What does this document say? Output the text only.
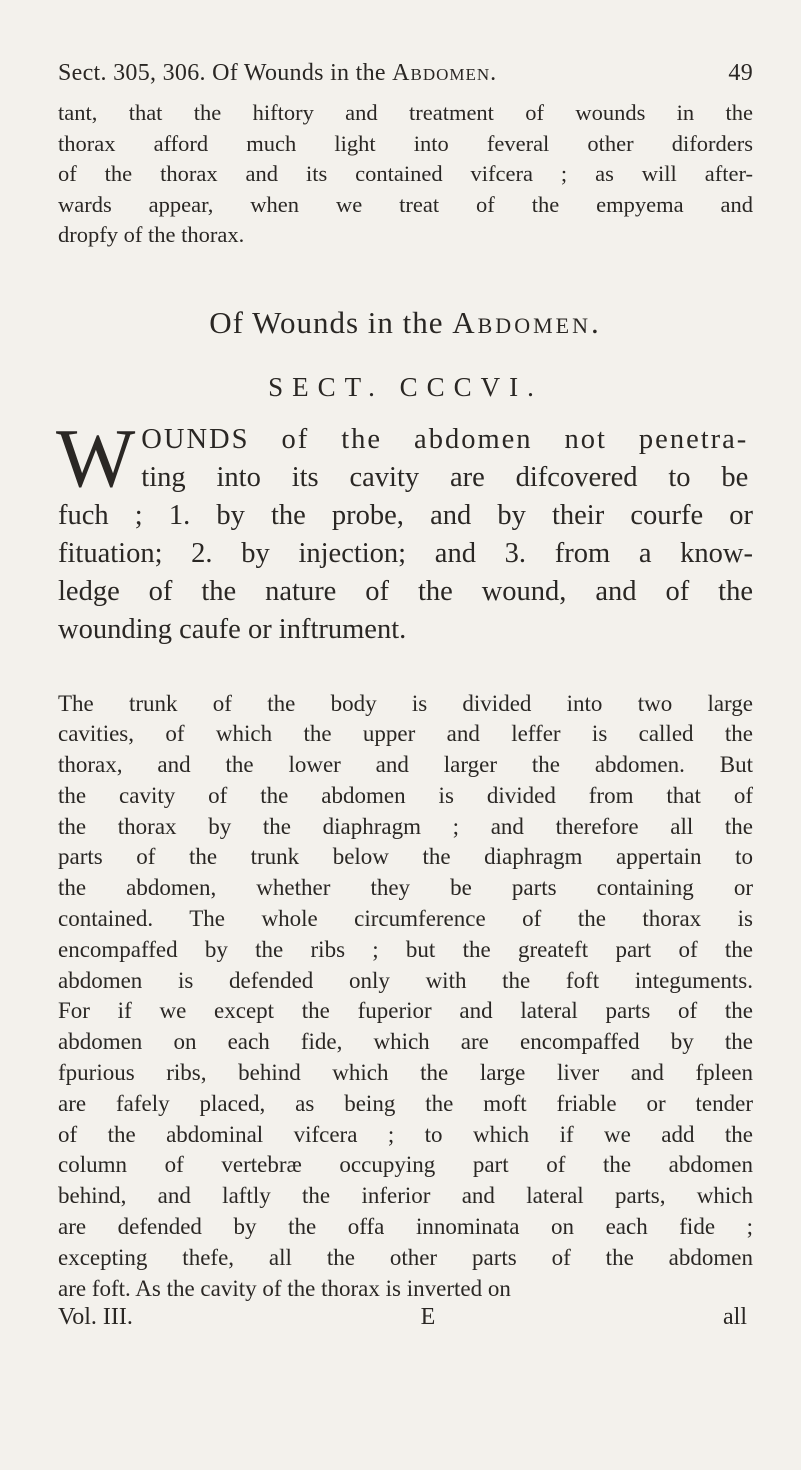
Sect. 305, 306. Of Wounds in the Abdomen.	49
tant, that the hiftory and treatment of wounds in the
thorax afford much light into feveral other diforders
of the thorax and its contained vifcera ; as will after-
wards appear, when we treat of the empyema and
dropfy of the thorax.
Of Wounds in the Abdomen.
SECT. CCCVI.
W OUNDS of the abdomen not penetra-
ting into its cavity are difcovered to be
fuch ; 1. by the probe, and by their courfe or
fituation; 2. by injection; and 3. from a know-
ledge of the nature of the wound, and of the
wounding caufe or inftrument.
The trunk of the body is divided into two large
cavities, of which the upper and leffer is called the
thorax, and the lower and larger the abdomen. But
the cavity of the abdomen is divided from that of
the thorax by the diaphragm ; and therefore all the
parts of the trunk below the diaphragm appertain to
the abdomen, whether they be parts containing or
contained. The whole circumference of the thorax is
encompaffed by the ribs ; but the greateft part of the
abdomen is defended only with the foft integuments.
For if we except the fuperior and lateral parts of the
abdomen on each fide, which are encompaffed by the
fpurious ribs, behind which the large liver and fpleen
are fafely placed, as being the moft friable or tender
of the abdominal vifcera ; to which if we add the
column of vertebræ occupying part of the abdomen
behind, and laftly the inferior and lateral parts, which
are defended by the offa innominata on each fide ;
excepting thefe, all the other parts of the abdomen
are foft. As the cavity of the thorax is inverted on
Vol. III.	E	all
